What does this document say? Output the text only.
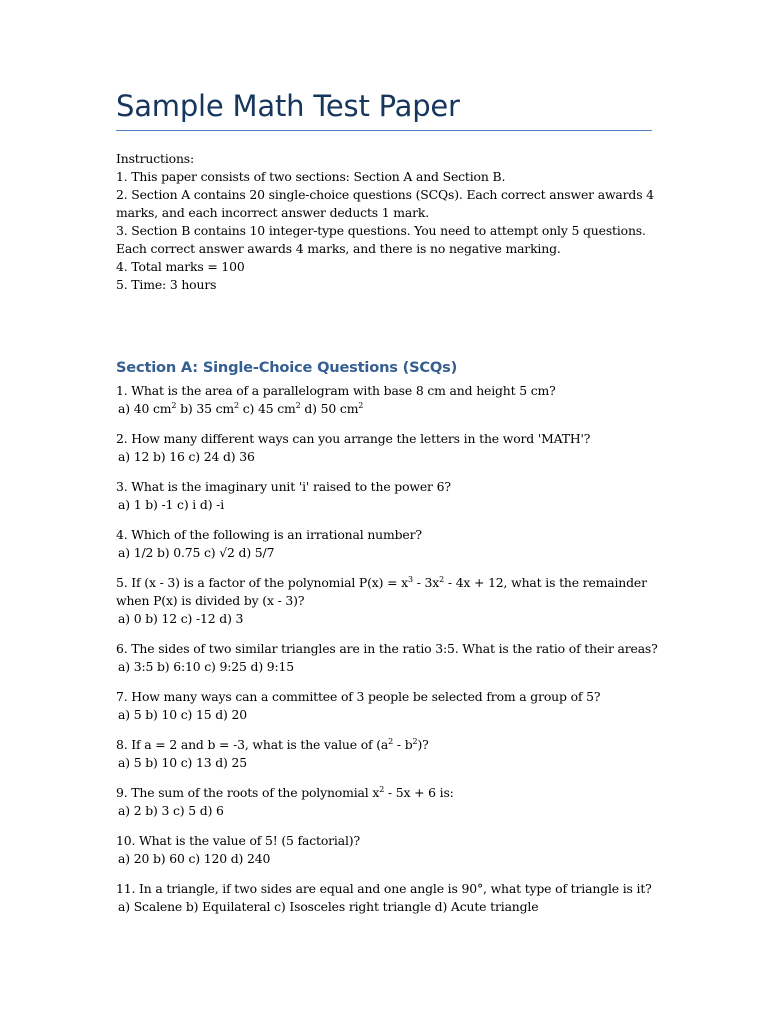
Sample Math Test Paper
Instructions:
1. This paper consists of two sections: Section A and Section B.
2. Section A contains 20 single-choice questions (SCQs). Each correct answer awards 4
marks, and each incorrect answer deducts 1 mark.
3. Section B contains 10 integer-type questions. You need to attempt only 5 questions.
Each correct answer awards 4 marks, and there is no negative marking.
4. Total marks = 100
5. Time: 3 hours
Section A: Single-Choice Questions (SCQs)
1. What is the area of a parallelogram with base 8 cm and height 5 cm?
a) 40 $cm^2$ b) 35 $cm^2$ c) 45 $cm^2$ d) 50 $cm^2$
2. How many different ways can you arrange the letters in the word 'MATH'?
a) 12 b) 16 c) 24 d) 36
3. What is the imaginary unit 'i' raised to the power 6?
a) 1 b) -1 c) i d) -i
4. Which of the following is an irrational number?
a) 1/2 b) 0.75 c) √2 d) 5/7
5. If (x - 3) is a factor of the polynomial $P(x) = x^3 - 3x^2 - 4x + 12$, what is the remainder
when P(x) is divided by (x - 3)?
a) 0 b) 12 c) -12 d) 3
6. The sides of two similar triangles are in the ratio 3:5. What is the ratio of their areas?
a) 3:5 b) 6:10 c) 9:25 d) 9:15
7. How many ways can a committee of 3 people be selected from a group of 5?
a) 5 b) 10 c) 15 d) 20
8. If a = 2 and b = -3, what is the value of $(a^2 - b^2)$?
a) 5 b) 10 c) 13 d) 25
9. The sum of the roots of the polynomial $x^2 - 5x + 6$ is:
a) 2 b) 3 c) 5 d) 6
10. What is the value of 5! (5 factorial)?
a) 20 b) 60 c) 120 d) 240
11. In a triangle, if two sides are equal and one angle is 90°, what type of triangle is it?
a) Scalene b) Equilateral c) Isosceles right triangle d) Acute triangle
